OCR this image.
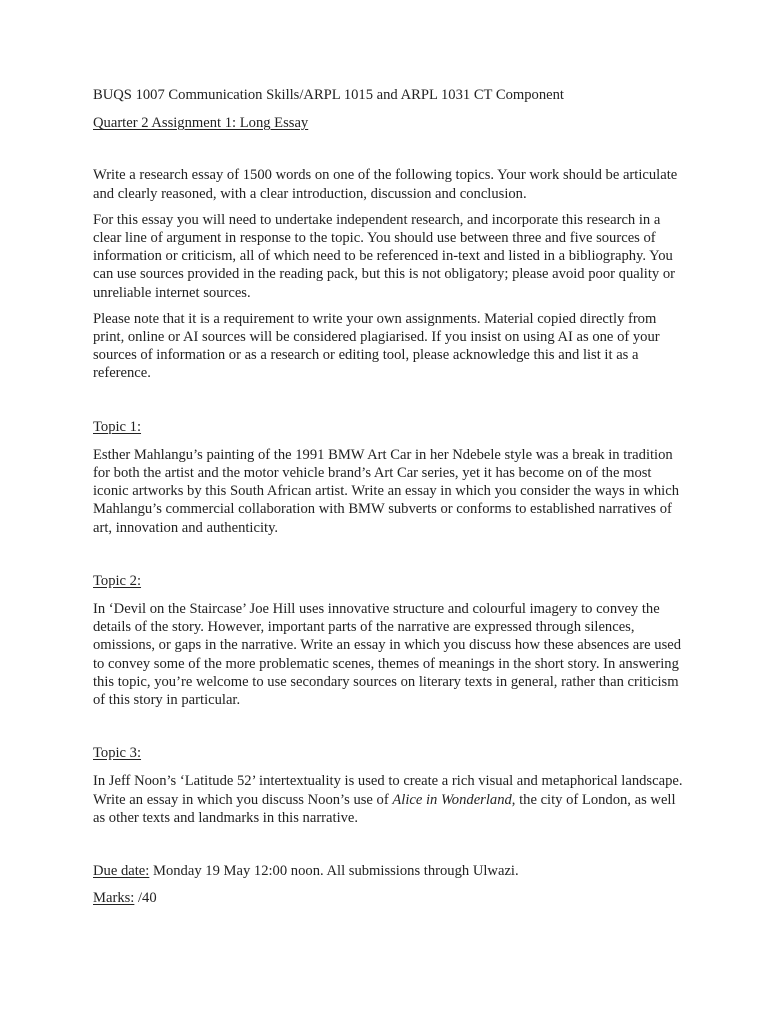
BUQS 1007 Communication Skills/ARPL 1015 and ARPL 1031 CT Component

Quarter 2 Assignment 1: Long Essay

Write a research essay of 1500 words on one of the following topics. Your work should be articulate and clearly reasoned, with a clear introduction, discussion and conclusion.

For this essay you will need to undertake independent research, and incorporate this research in a clear line of argument in response to the topic. You should use between three and five sources of information or criticism, all of which need to be referenced in-text and listed in a bibliography. You can use sources provided in the reading pack, but this is not obligatory; please avoid poor quality or unreliable internet sources.

Please note that it is a requirement to write your own assignments. Material copied directly from print, online or AI sources will be considered plagiarised. If you insist on using AI as one of your sources of information or as a research or editing tool, please acknowledge this and list it as a reference.

Topic 1:

Esther Mahlangu’s painting of the 1991 BMW Art Car in her Ndebele style was a break in tradition for both the artist and the motor vehicle brand’s Art Car series, yet it has become on of the most iconic artworks by this South African artist. Write an essay in which you consider the ways in which Mahlangu’s commercial collaboration with BMW subverts or conforms to established narratives of art, innovation and authenticity.

Topic 2:

In ‘Devil on the Staircase’ Joe Hill uses innovative structure and colourful imagery to convey the details of the story. However, important parts of the narrative are expressed through silences, omissions, or gaps in the narrative. Write an essay in which you discuss how these absences are used to convey some of the more problematic scenes, themes of meanings in the short story. In answering this topic, you’re welcome to use secondary sources on literary texts in general, rather than criticism of this story in particular.

Topic 3:

In Jeff Noon’s ‘Latitude 52’ intertextuality is used to create a rich visual and metaphorical landscape. Write an essay in which you discuss Noon’s use of Alice in Wonderland, the city of London, as well as other texts and landmarks in this narrative.

Due date: Monday 19 May 12:00 noon. All submissions through Ulwazi.

Marks: /40
